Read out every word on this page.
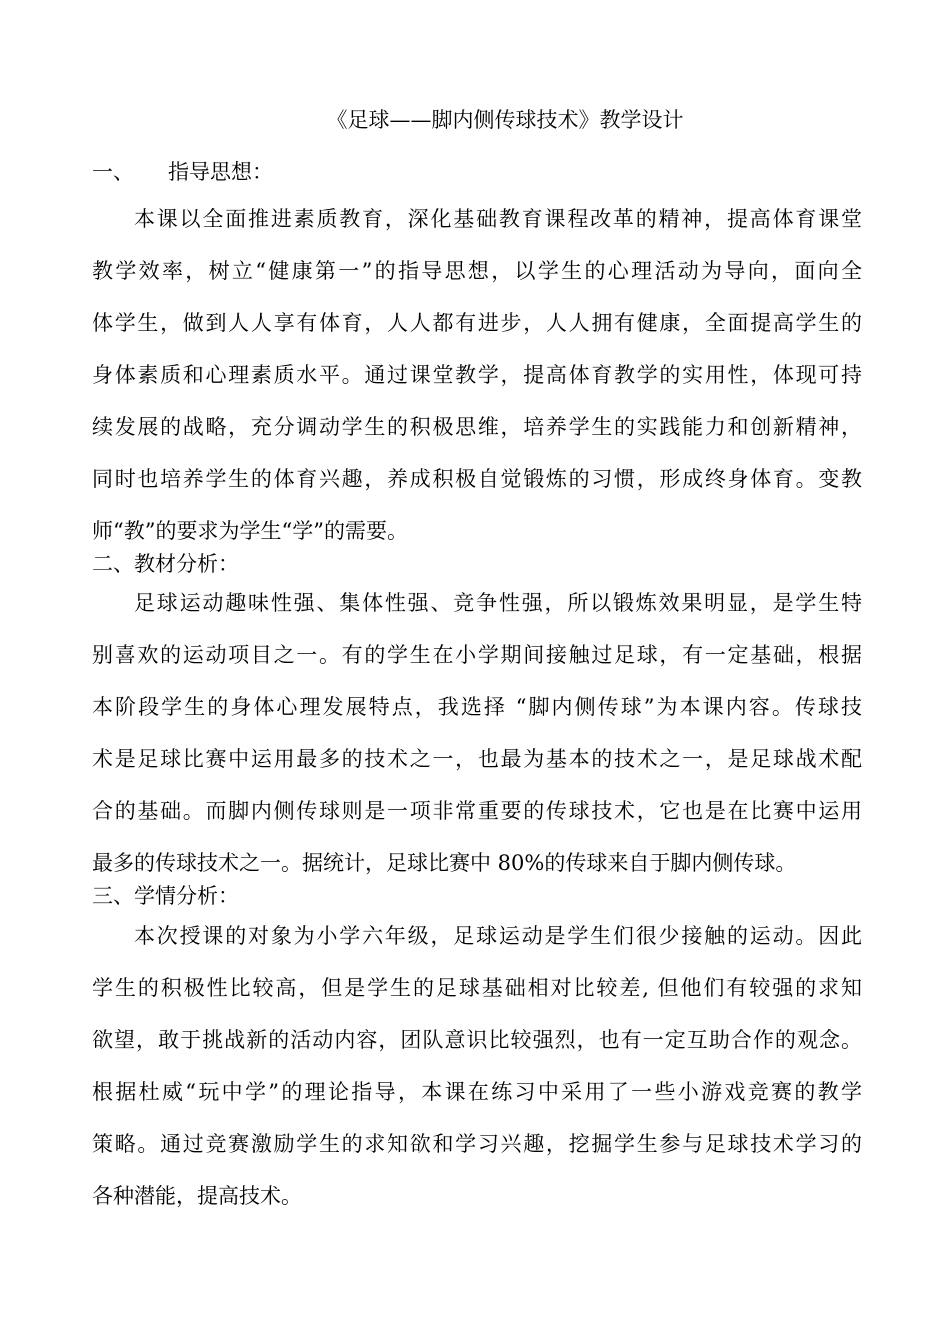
《足球——脚内侧传球技术》教学设计
一、 指导思想：
本课以全面推进素质教育，深化基础教育课程改革的精神，提高体育课堂
教学效率，树立“健康第一”的指导思想，以学生的心理活动为导向，面向全
体学生，做到人人享有体育，人人都有进步，人人拥有健康，全面提高学生的
身体素质和心理素质水平。通过课堂教学，提高体育教学的实用性，体现可持
续发展的战略，充分调动学生的积极思维，培养学生的实践能力和创新精神，
同时也培养学生的体育兴趣，养成积极自觉锻炼的习惯，形成终身体育。变教
师“教”的要求为学生“学”的需要。
二、教材分析：
足球运动趣味性强、集体性强、竞争性强，所以锻炼效果明显，是学生特
别喜欢的运动项目之一。有的学生在小学期间接触过足球，有一定基础，根据
本阶段学生的身体心理发展特点，我选择 “脚内侧传球”为本课内容。传球技
术是足球比赛中运用最多的技术之一，也最为基本的技术之一，是足球战术配
合的基础。而脚内侧传球则是一项非常重要的传球技术，它也是在比赛中运用
最多的传球技术之一。据统计，足球比赛中 80%的传球来自于脚内侧传球。
三、学情分析：
本次授课的对象为小学六年级，足球运动是学生们很少接触的运动。因此
学生的积极性比较高，但是学生的足球基础相对比较差, 但他们有较强的求知
欲望，敢于挑战新的活动内容，团队意识比较强烈，也有一定互助合作的观念。
根据杜威“玩中学”的理论指导，本课在练习中采用了一些小游戏竞赛的教学
策略。通过竞赛激励学生的求知欲和学习兴趣，挖掘学生参与足球技术学习的
各种潜能，提高技术。
